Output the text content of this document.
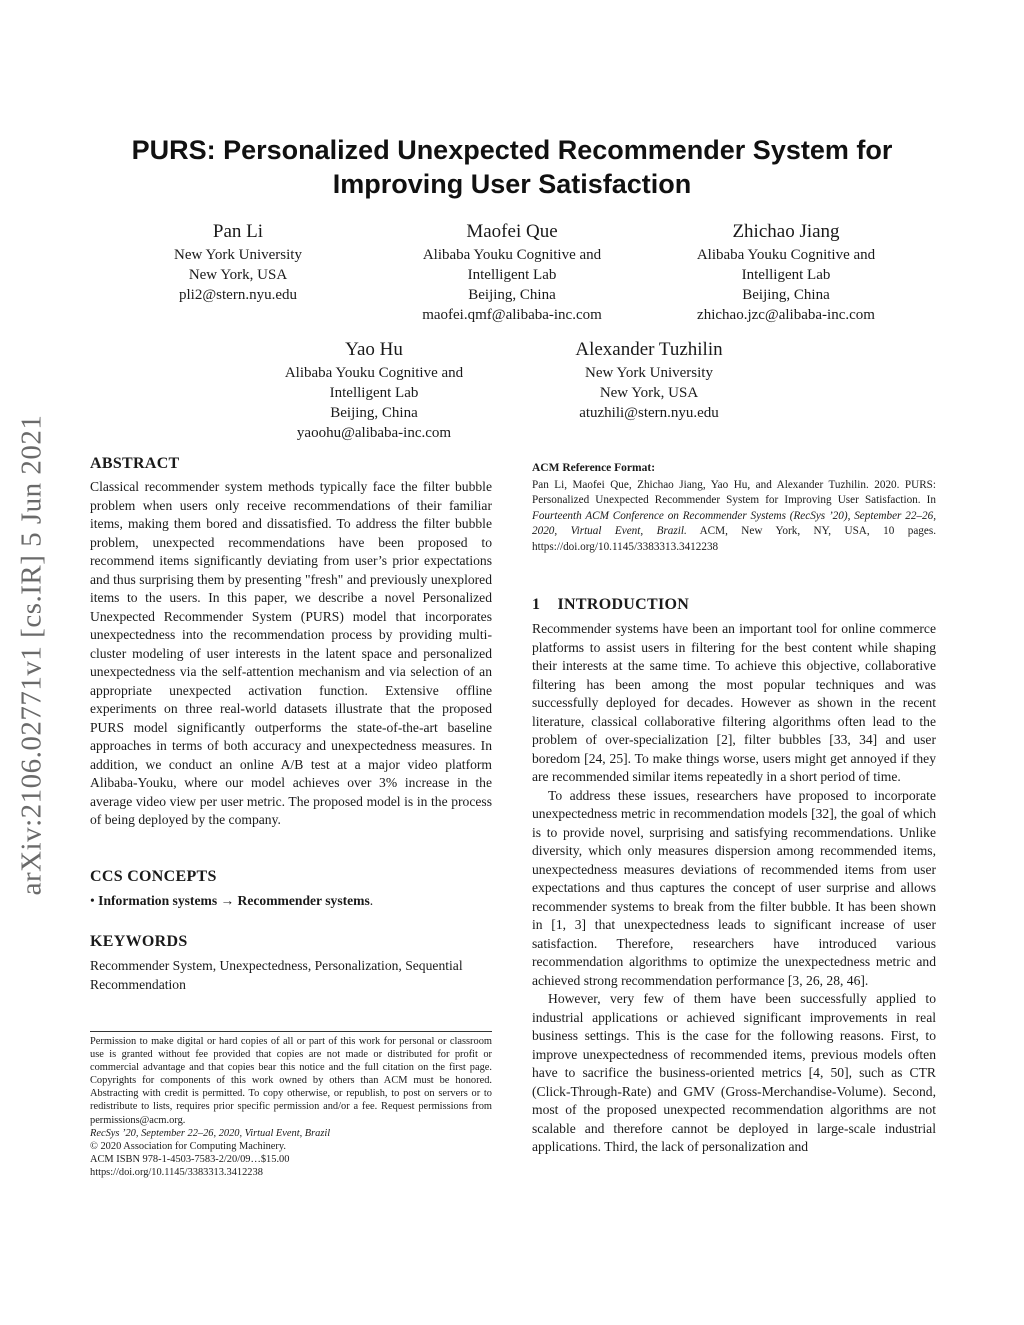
PURS: Personalized Unexpected Recommender System for Improving User Satisfaction
Pan Li
New York University
New York, USA
pli2@stern.nyu.edu
Maofei Que
Alibaba Youku Cognitive and
Intelligent Lab
Beijing, China
maofei.qmf@alibaba-inc.com
Zhichao Jiang
Alibaba Youku Cognitive and
Intelligent Lab
Beijing, China
zhichao.jzc@alibaba-inc.com
Yao Hu
Alibaba Youku Cognitive and
Intelligent Lab
Beijing, China
yaoohu@alibaba-inc.com
Alexander Tuzhilin
New York University
New York, USA
atuzhili@stern.nyu.edu
arXiv:2106.02771v1 [cs.IR] 5 Jun 2021	ABSTRACT

Classical recommender system methods typically face the filter bubble problem when users only receive recommendations of their familiar items, making them bored and dissatisfied. To address the filter bubble problem, unexpected recommendations have been proposed to recommend items significantly deviating from user’s prior expectations and thus surprising them by presenting "fresh" and previously unexplored items to the users. In this paper, we describe a novel Personalized Unexpected Recommender System (PURS) model that incorporates unexpectedness into the recommendation process by providing multi-cluster modeling of user interests in the latent space and personalized unexpectedness via the self-attention mechanism and via selection of an appropriate unexpected activation function. Extensive offline experiments on three real-world datasets illustrate that the proposed PURS model significantly outperforms the state-of-the-art baseline approaches in terms of both accuracy and unexpectedness measures. In addition, we conduct an online A/B test at a major video platform Alibaba-Youku, where our model achieves over 3% increase in the average video view per user metric. The proposed model is in the process of being deployed by the company.

CCS CONCEPTS

• Information systems → Recommender systems.

KEYWORDS

Recommender System, Unexpectedness, Personalization, Sequential Recommendation

Permission to make digital or hard copies of all or part of this work for personal or classroom use is granted without fee provided that copies are not made or distributed for profit or commercial advantage and that copies bear this notice and the full citation on the first page. Copyrights for components of this work owned by others than ACM must be honored. Abstracting with credit is permitted. To copy otherwise, or republish, to post on servers or to redistribute to lists, requires prior specific permission and/or a fee. Request permissions from permissions@acm.org.

RecSys ’20, September 22–26, 2020, Virtual Event, Brazil

© 2020 Association for Computing Machinery.

ACM ISBN 978-1-4503-7583-2/20/09…$15.00

https://doi.org/10.1145/3383313.3412238

ACM Reference Format:

Pan Li, Maofei Que, Zhichao Jiang, Yao Hu, and Alexander Tuzhilin. 2020. PURS: Personalized Unexpected Recommender System for Improving User Satisfaction. In Fourteenth ACM Conference on Recommender Systems (RecSys ’20), September 22–26, 2020, Virtual Event, Brazil. ACM, New York, NY, USA, 10 pages. https://doi.org/10.1145/3383313.3412238

1    INTRODUCTION

Recommender systems have been an important tool for online commerce platforms to assist users in filtering for the best content while shaping their interests at the same time. To achieve this objective, collaborative filtering has been among the most popular techniques and was successfully deployed for decades. However as shown in the recent literature, classical collaborative filtering algorithms often lead to the problem of over-specialization [2], filter bubbles [33, 34] and user boredom [24, 25]. To make things worse, users might get annoyed if they are recommended similar items repeatedly in a short period of time.

To address these issues, researchers have proposed to incorporate unexpectedness metric in recommendation models [32], the goal of which is to provide novel, surprising and satisfying recommendations. Unlike diversity, which only measures dispersion among recommended items, unexpectedness measures deviations of recommended items from user expectations and thus captures the concept of user surprise and allows recommender systems to break from the filter bubble. It has been shown in [1, 3] that unexpectedness leads to significant increase of user satisfaction. Therefore, researchers have introduced various recommendation algorithms to optimize the unexpectedness metric and achieved strong recommendation performance [3, 26, 28, 46].

However, very few of them have been successfully applied to industrial applications or achieved significant improvements in real business settings. This is the case for the following reasons. First, to improve unexpectedness of recommended items, previous models often have to sacrifice the business-oriented metrics [4, 50], such as CTR (Click-Through-Rate) and GMV (Gross-Merchandise-Volume). Second, most of the proposed unexpected recommendation algorithms are not scalable and therefore cannot be deployed in large-scale industrial applications. Third, the lack of personalization and
